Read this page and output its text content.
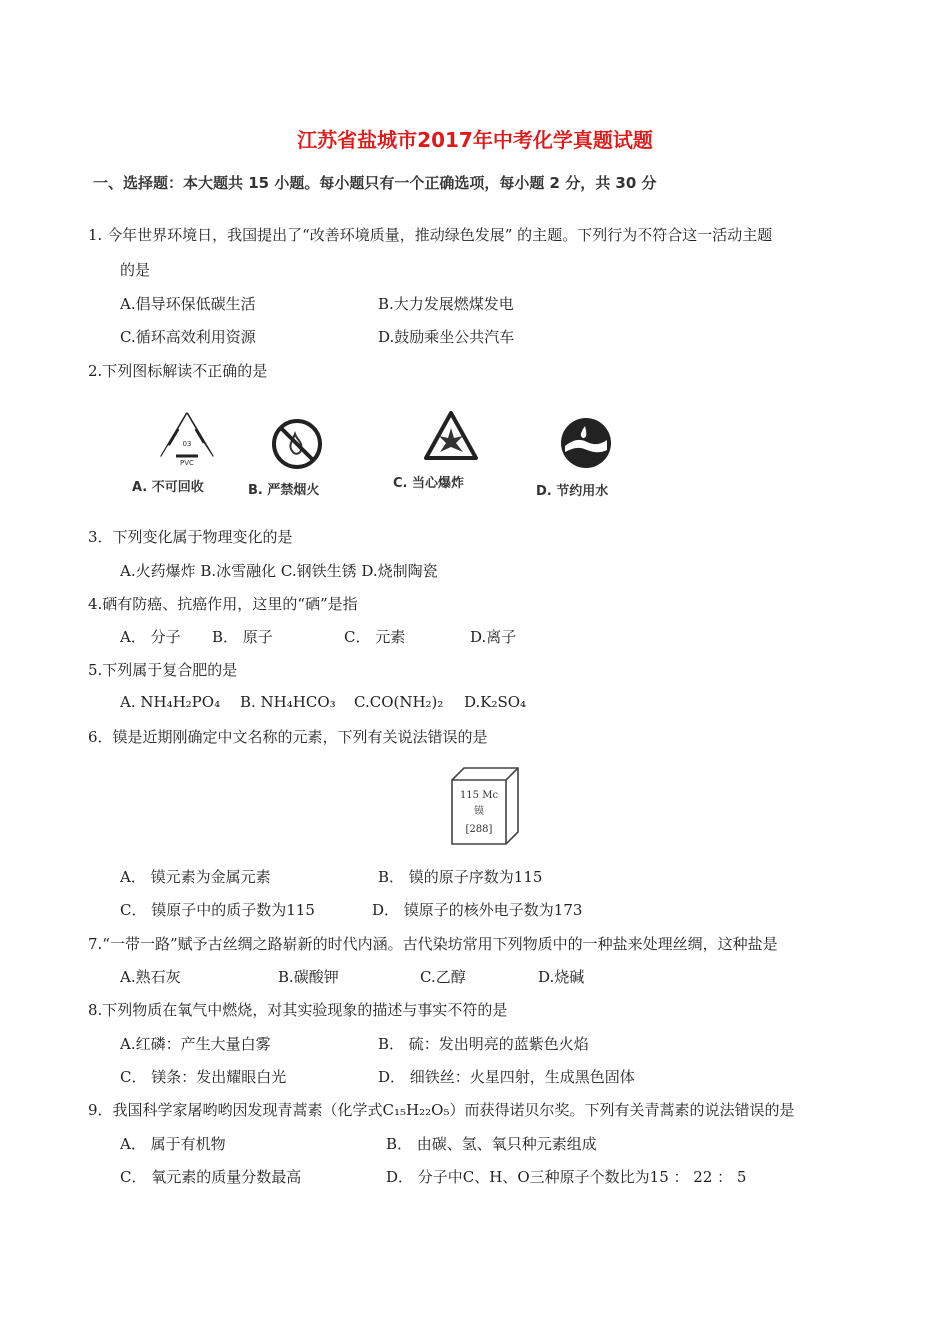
江苏省盐城市2017年中考化学真题试题
一、选择题：本大题共 15 小题。每小题只有一个正确选项，每小题 2 分，共 30 分
1. 今年世界环境日，我国提出了“改善环境质量，推动绿色发展” 的主题。下列行为不符合这一活动主题
的是
A.倡导环保低碳生活	B.大力发展燃煤发电
C.循环高效利用资源	D.鼓励乘坐公共汽车
2.下列图标解读不正确的是
03
PVC
A. 不可回收	B. 严禁烟火	C. 当心爆炸
D. 节约用水
3．下列变化属于物理变化的是
A.火药爆炸 B.冰雪融化 C.钢铁生锈 D.烧制陶瓷
4.硒有防癌、抗癌作用，这里的“硒”是指
A． 分子 B． 原子	C． 元素	D.离子
5.下列属于复合肥的是
A. NH₄H₂PO₄ B. NH₄HCO₃ C.CO(NH₂)₂ D.K₂SO₄
6．镆是近期刚确定中文名称的元素，下列有关说法错误的是
115 Mc
镆
[288]
A． 镆元素为金属元素	B． 镆的原子序数为115
C． 镆原子中的质子数为115	D． 镆原子的核外电子数为173
7.“一带一路”赋予古丝绸之路崭新的时代内涵。古代染坊常用下列物质中的一种盐来处理丝绸，这种盐是
A.熟石灰	B.碳酸钾	C.乙醇	D.烧碱
8.下列物质在氧气中燃烧，对其实验现象的描述与事实不符的是
A.红磷：产生大量白雾	B． 硫：发出明亮的蓝紫色火焰
C． 镁条：发出耀眼白光	D． 细铁丝：火星四射，生成黑色固体
9．我国科学家屠哟哟因发现青蒿素（化学式C₁₅H₂₂O₅）而获得诺贝尔奖。下列有关青蒿素的说法错误的是
A． 属于有机物	B． 由碳、氢、氧只种元素组成
C． 氧元素的质量分数最高	D． 分子中C、H、O三种原子个数比为15 ： 22 ： 5
